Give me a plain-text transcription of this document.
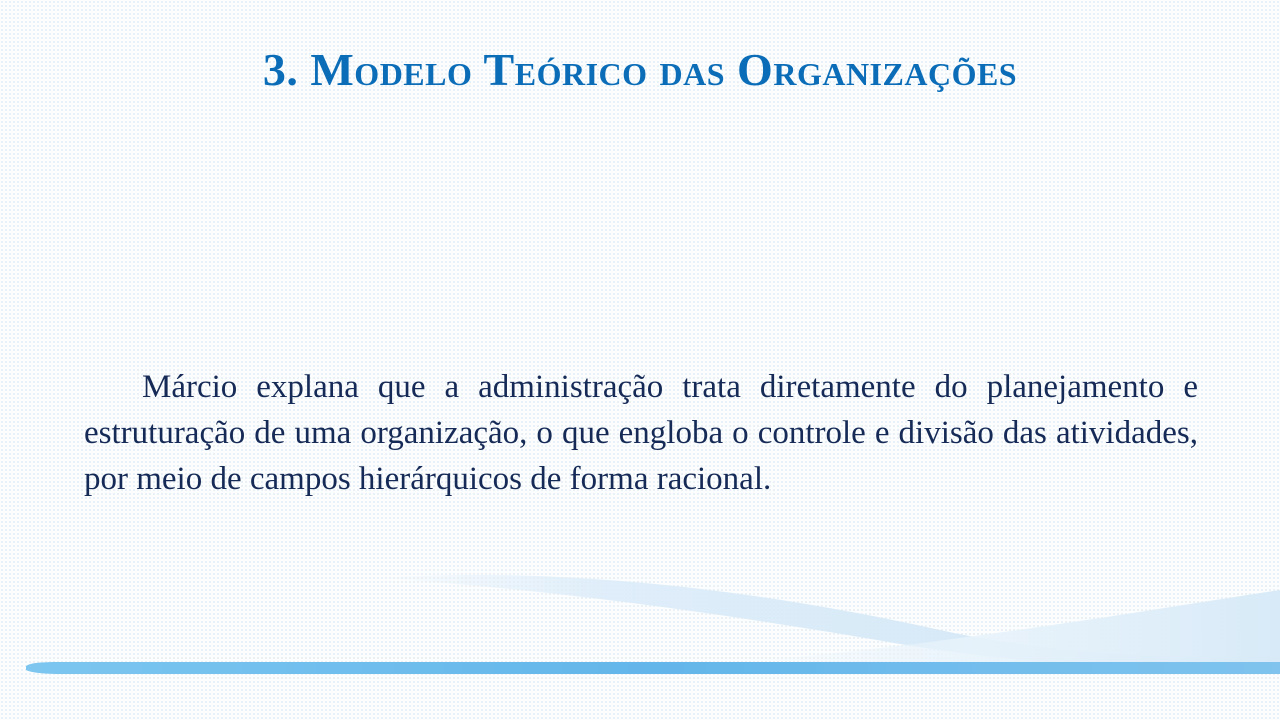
3. Modelo Teórico das Organizações

Márcio explana que a administração trata diretamente do planejamento e estruturação de uma organização, o que engloba o controle e divisão das atividades, por meio de campos hierárquicos de forma racional.
